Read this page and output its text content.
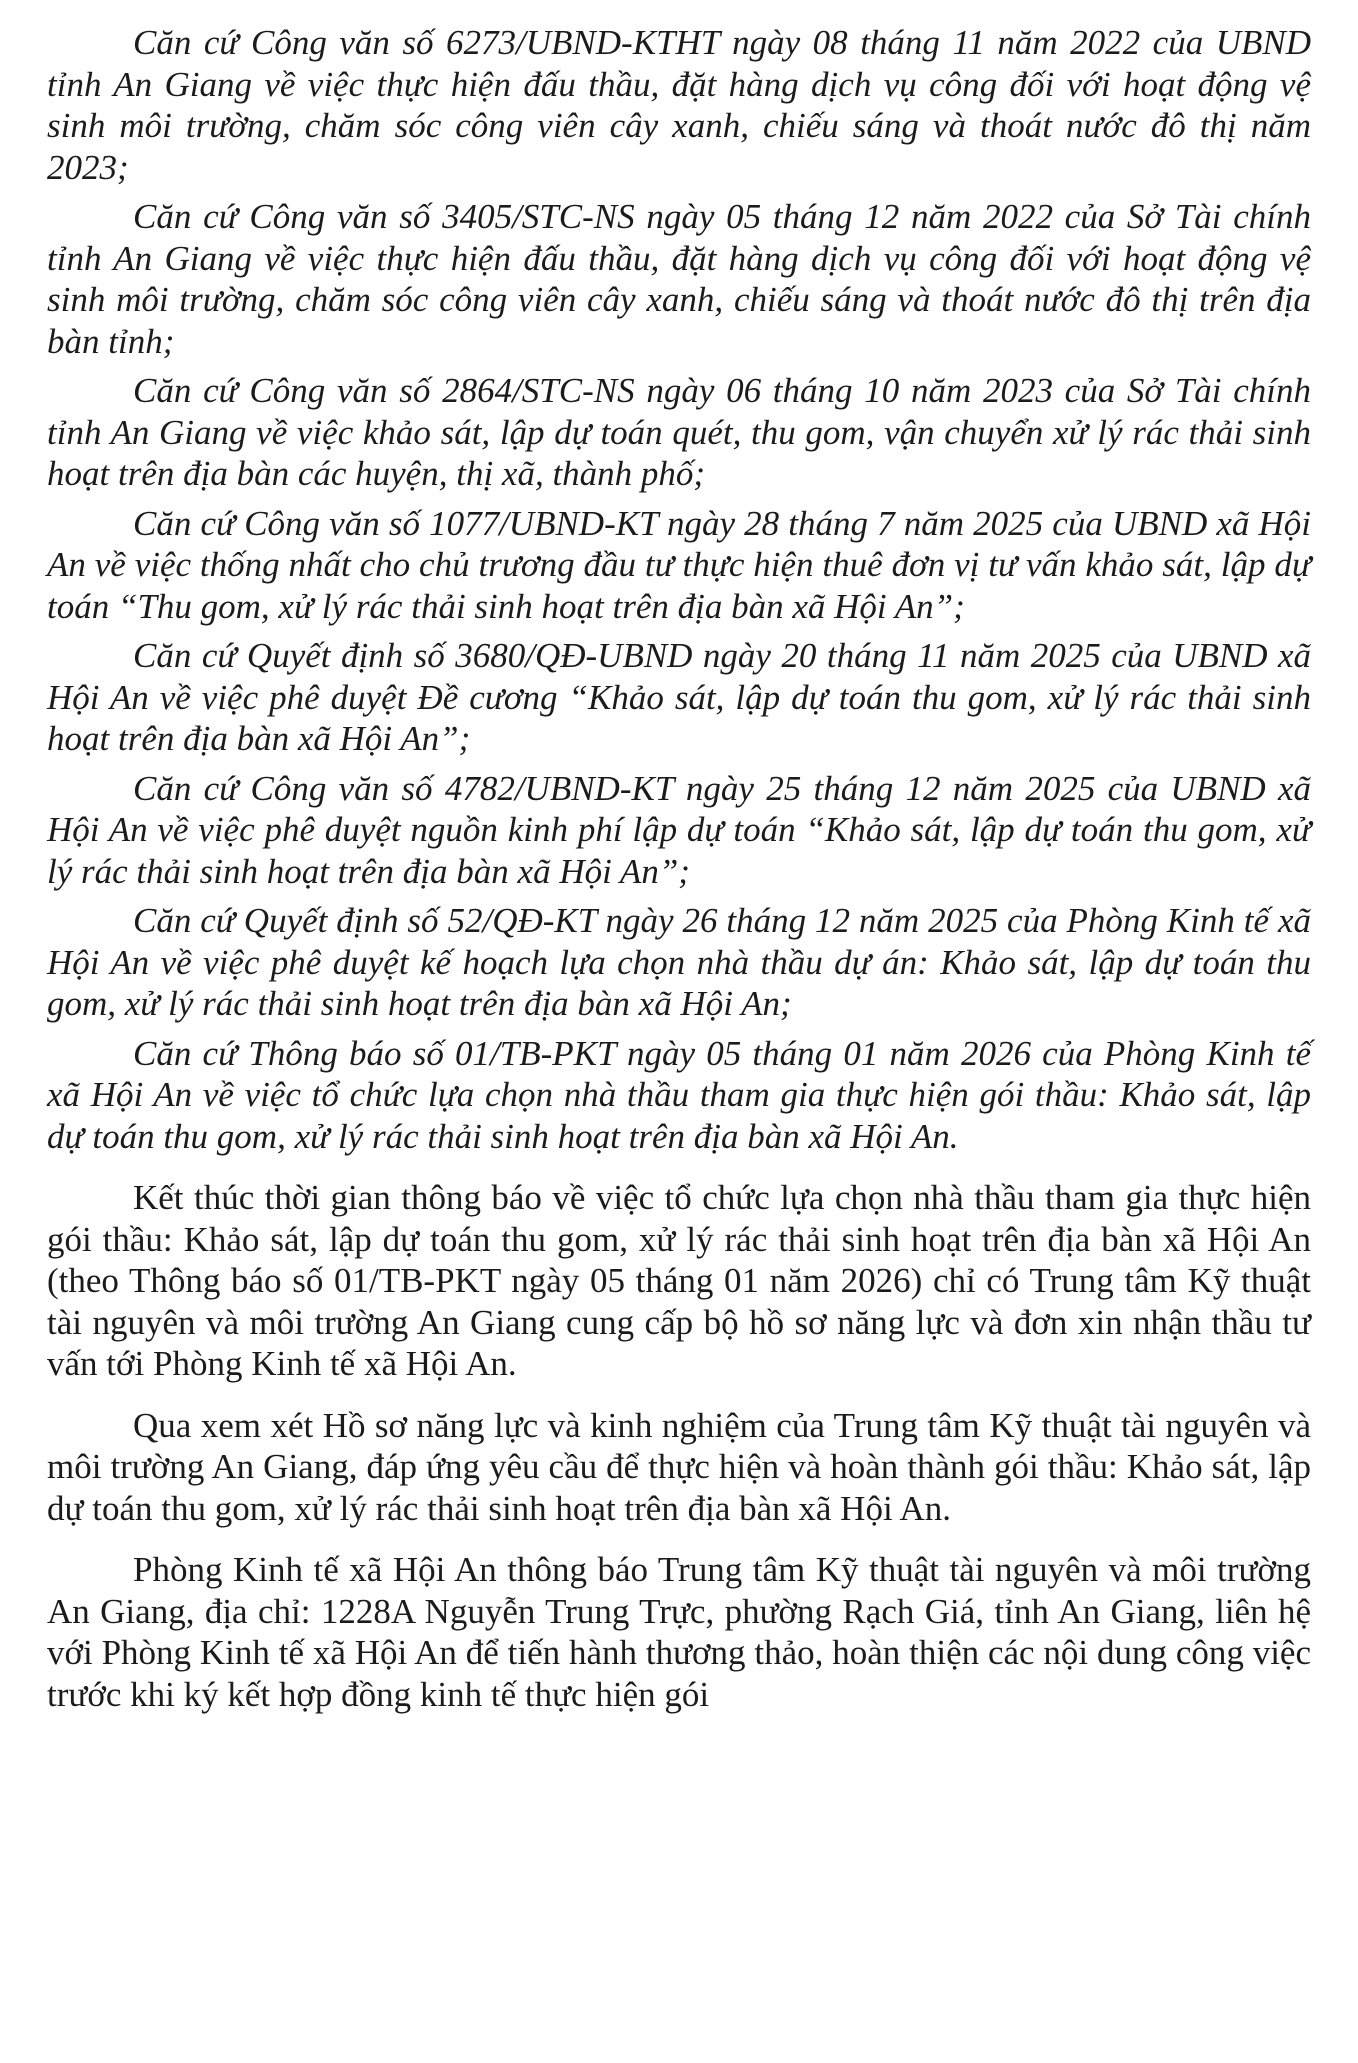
Căn cứ Công văn số 6273/UBND-KTHT ngày 08 tháng 11 năm 2022 của UBND tỉnh An Giang về việc thực hiện đấu thầu, đặt hàng dịch vụ công đối với hoạt động vệ sinh môi trường, chăm sóc công viên cây xanh, chiếu sáng và thoát nước đô thị năm 2023;

Căn cứ Công văn số 3405/STC-NS ngày 05 tháng 12 năm 2022 của Sở Tài chính tỉnh An Giang về việc thực hiện đấu thầu, đặt hàng dịch vụ công đối với hoạt động vệ sinh môi trường, chăm sóc công viên cây xanh, chiếu sáng và thoát nước đô thị trên địa bàn tỉnh;

Căn cứ Công văn số 2864/STC-NS ngày 06 tháng 10 năm 2023 của Sở Tài chính tỉnh An Giang về việc khảo sát, lập dự toán quét, thu gom, vận chuyển xử lý rác thải sinh hoạt trên địa bàn các huyện, thị xã, thành phố;

Căn cứ Công văn số 1077/UBND-KT ngày 28 tháng 7 năm 2025 của UBND xã Hội An về việc thống nhất cho chủ trương đầu tư thực hiện thuê đơn vị tư vấn khảo sát, lập dự toán “Thu gom, xử lý rác thải sinh hoạt trên địa bàn xã Hội An”;

Căn cứ Quyết định số 3680/QĐ-UBND ngày 20 tháng 11 năm 2025 của UBND xã Hội An về việc phê duyệt Đề cương “Khảo sát, lập dự toán thu gom, xử lý rác thải sinh hoạt trên địa bàn xã Hội An”;

Căn cứ Công văn số 4782/UBND-KT ngày 25 tháng 12 năm 2025 của UBND xã Hội An về việc phê duyệt nguồn kinh phí lập dự toán “Khảo sát, lập dự toán thu gom, xử lý rác thải sinh hoạt trên địa bàn xã Hội An”;

Căn cứ Quyết định số 52/QĐ-KT ngày 26 tháng 12 năm 2025 của Phòng Kinh tế xã Hội An về việc phê duyệt kế hoạch lựa chọn nhà thầu dự án: Khảo sát, lập dự toán thu gom, xử lý rác thải sinh hoạt trên địa bàn xã Hội An;

Căn cứ Thông báo số 01/TB-PKT ngày 05 tháng 01 năm 2026 của Phòng Kinh tế xã Hội An về việc tổ chức lựa chọn nhà thầu tham gia thực hiện gói thầu: Khảo sát, lập dự toán thu gom, xử lý rác thải sinh hoạt trên địa bàn xã Hội An.

Kết thúc thời gian thông báo về việc tổ chức lựa chọn nhà thầu tham gia thực hiện gói thầu: Khảo sát, lập dự toán thu gom, xử lý rác thải sinh hoạt trên địa bàn xã Hội An (theo Thông báo số 01/TB-PKT ngày 05 tháng 01 năm 2026) chỉ có Trung tâm Kỹ thuật tài nguyên và môi trường An Giang cung cấp bộ hồ sơ năng lực và đơn xin nhận thầu tư vấn tới Phòng Kinh tế xã Hội An.

Qua xem xét Hồ sơ năng lực và kinh nghiệm của Trung tâm Kỹ thuật tài nguyên và môi trường An Giang, đáp ứng yêu cầu để thực hiện và hoàn thành gói thầu: Khảo sát, lập dự toán thu gom, xử lý rác thải sinh hoạt trên địa bàn xã Hội An.

Phòng Kinh tế xã Hội An thông báo Trung tâm Kỹ thuật tài nguyên và môi trường An Giang, địa chỉ: 1228A Nguyễn Trung Trực, phường Rạch Giá, tỉnh An Giang, liên hệ với Phòng Kinh tế xã Hội An để tiến hành thương thảo, hoàn thiện các nội dung công việc trước khi ký kết hợp đồng kinh tế thực hiện gói
